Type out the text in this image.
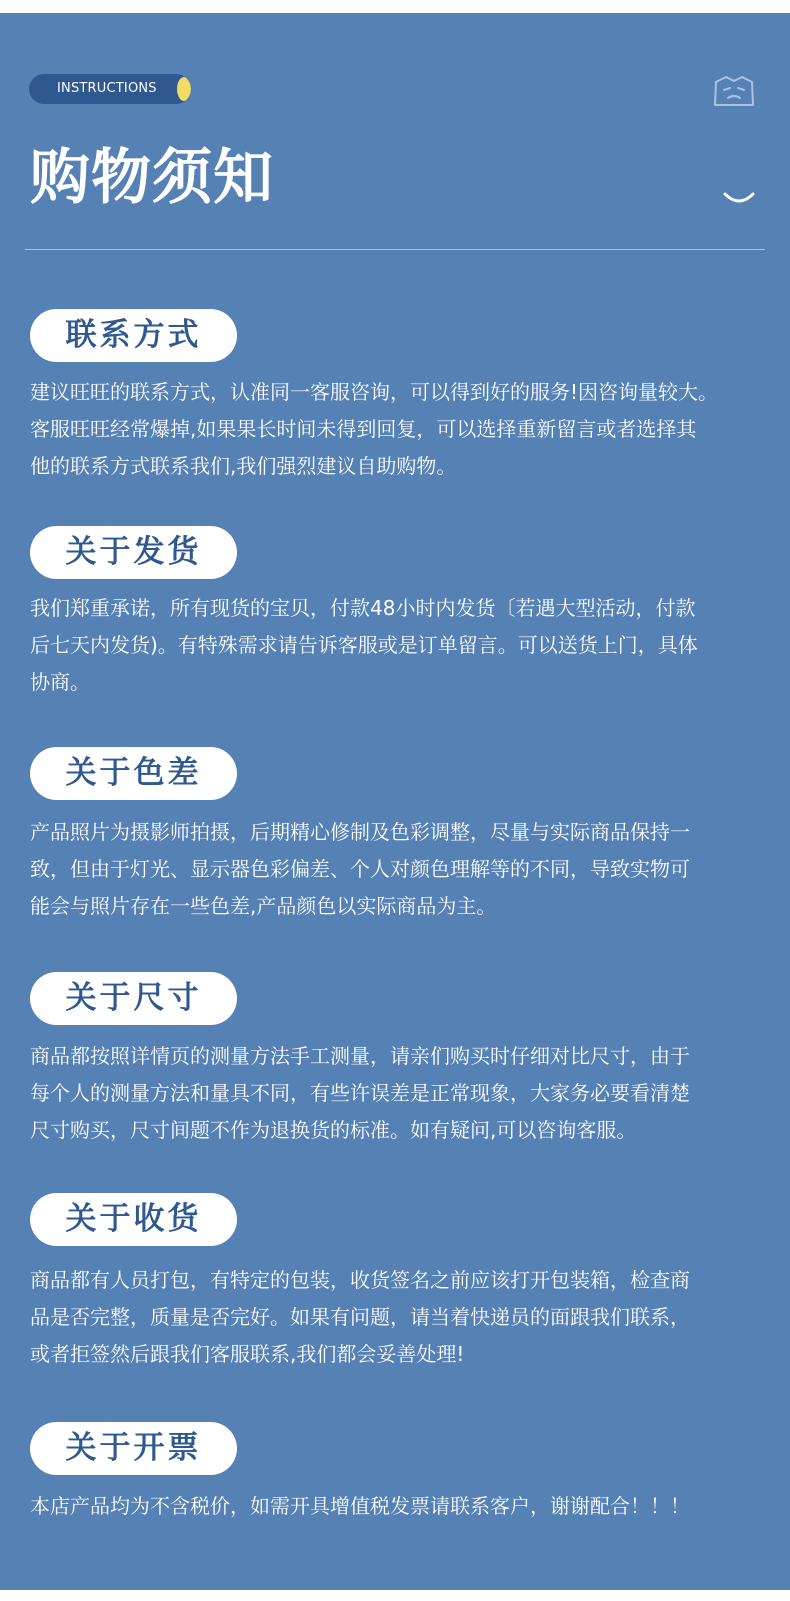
INSTRUCTIONS
购物须知
联系方式
建议旺旺的联系方式，认准同一客服咨询，可以得到好的服务!因咨询量较大。
客服旺旺经常爆掉,如果果长时间未得到回复，可以选择重新留言或者选择其
他的联系方式联系我们,我们强烈建议自助购物。
关于发货
我们郑重承诺，所有现货的宝贝，付款48小时内发货〔若遇大型活动，付款
后七天内发货)。有特殊需求请告诉客服或是订单留言。可以送货上门，具体
协商。
关于色差
产品照片为摄影师拍摄，后期精心修制及色彩调整，尽量与实际商品保持一
致，但由于灯光、显示器色彩偏差、个人对颜色理解等的不同，导致实物可
能会与照片存在一些色差,产品颜色以实际商品为主。
关于尺寸
商品都按照详情页的测量方法手工测量，请亲们购买时仔细对比尺寸，由于
每个人的测量方法和量具不同，有些许误差是正常现象，大家务必要看清楚
尺寸购买，尺寸间题不作为退换货的标准。如有疑问,可以咨询客服。
关于收货
商品都有人员打包，有特定的包装，收货签名之前应该打开包装箱，检查商
品是否完整，质量是否完好。如果有问题，请当着快递员的面跟我们联系，
或者拒签然后跟我们客服联系,我们都会妥善处理!
关于开票
本店产品均为不含税价，如需开具增值税发票请联系客户，谢谢配合！！！
